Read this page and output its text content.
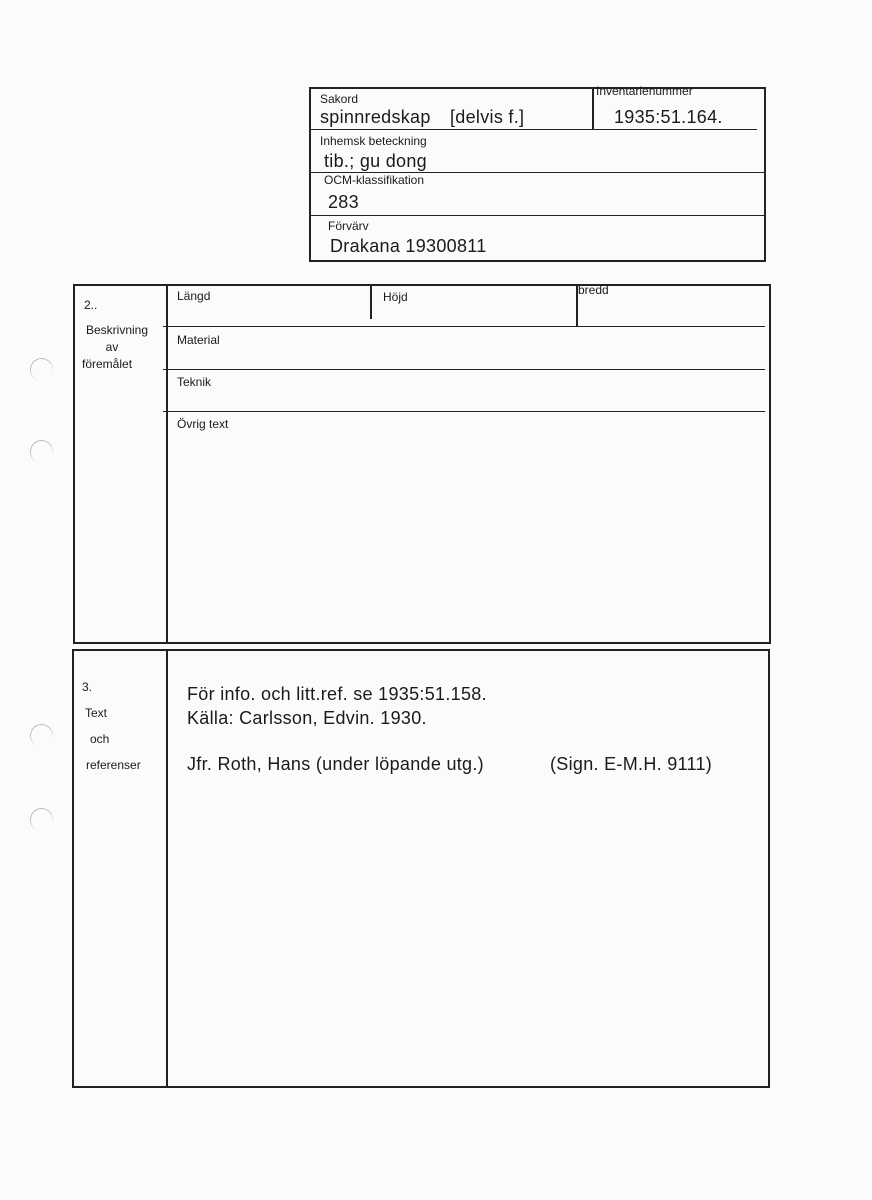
Sakord
spinnredskap [delvis f.]
Inventarienummer
1935:51.164.
Inhemsk beteckning
tib.; gu dong
OCM-klassifikation
283
Förvärv
Drakana 19300811
2..
Beskrivning
av
föremålet
Längd	Höjd	bredd
Material
Teknik
Övrig text
3.
Text
och
referenser
För info. och litt.ref. se 1935:51.158.
Källa: Carlsson, Edvin. 1930.
Jfr. Roth, Hans (under löpande utg.)	(Sign. E-M.H. 9111)
